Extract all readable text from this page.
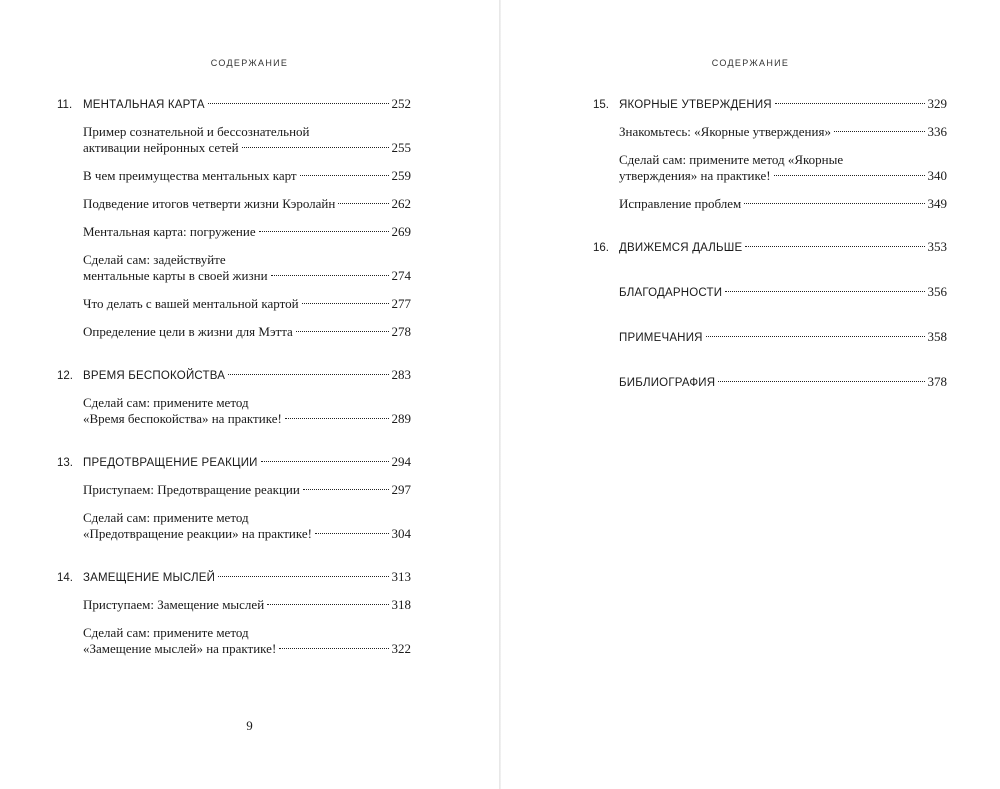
СОДЕРЖАНИЕ
11. МЕНТАЛЬНАЯ КАРТА	252
Пример сознательной и бессознательной
активации нейронных сетей	255
В чем преимущества ментальных карт	259
Подведение итогов четверти жизни Кэролайн	262
Ментальная карта: погружение	269
Сделай сам: задействуйте
ментальные карты в своей жизни	274
Что делать с вашей ментальной картой	277
Определение цели в жизни для Мэтта	278
12. ВРЕМЯ БЕСПОКОЙСТВА	283
Сделай сам: примените метод
«Время беспокойства» на практике!	289
13. ПРЕДОТВРАЩЕНИЕ РЕАКЦИИ	294
Приступаем: Предотвращение реакции	297
Сделай сам: примените метод
«Предотвращение реакции» на практике!	304
14. ЗАМЕЩЕНИЕ МЫСЛЕЙ	313
Приступаем: Замещение мыслей	318
Сделай сам: примените метод
«Замещение мыслей» на практике!	322
9
СОДЕРЖАНИЕ
15. ЯКОРНЫЕ УТВЕРЖДЕНИЯ	329
Знакомьтесь: «Якорные утверждения»	336
Сделай сам: примените метод «Якорные
утверждения» на практике!	340
Исправление проблем	349
16. ДВИЖЕМСЯ ДАЛЬШЕ	353
БЛАГОДАРНОСТИ	356
ПРИМЕЧАНИЯ	358
БИБЛИОГРАФИЯ	378
